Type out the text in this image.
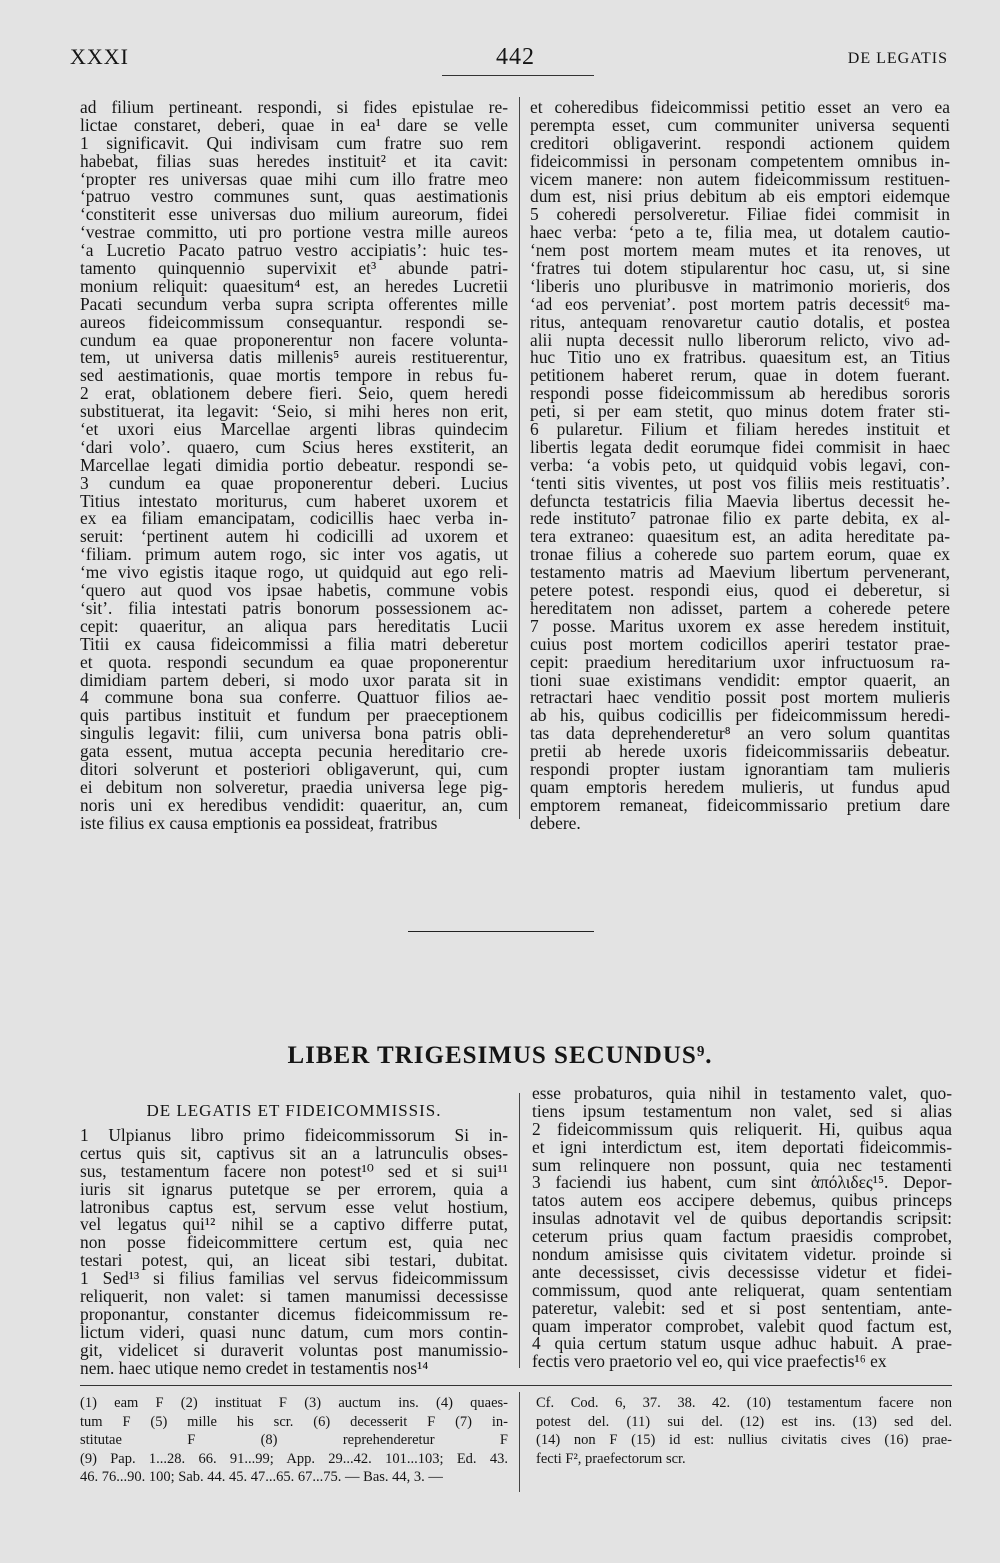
XXXI	442	DE LEGATIS
ad filium pertineant. respondi, si fides epistulae re-
lictae constaret, deberi, quae in ea¹ dare se velle
1 significavit. Qui indivisam cum fratre suo rem
habebat, filias suas heredes instituit² et ita cavit:
‘propter res universas quae mihi cum illo fratre meo
‘patruo vestro communes sunt, quas aestimationis
‘constiterit esse universas duo milium aureorum, fidei
‘vestrae committo, uti pro portione vestra mille aureos
‘a Lucretio Pacato patruo vestro accipiatis’: huic tes-
tamento quinquennio supervixit et³ abunde patri-
monium reliquit: quaesitum⁴ est, an heredes Lucretii
Pacati secundum verba supra scripta offerentes mille
aureos fideicommissum consequantur. respondi se-
cundum ea quae proponerentur non facere volunta-
tem, ut universa datis millenis⁵ aureis restituerentur,
sed aestimationis, quae mortis tempore in rebus fu-
2 erat, oblationem debere fieri. Seio, quem heredi
substituerat, ita legavit: ‘Seio, si mihi heres non erit,
‘et uxori eius Marcellae argenti libras quindecim
‘dari volo’. quaero, cum Scius heres exstiterit, an
Marcellae legati dimidia portio debeatur. respondi se-
3 cundum ea quae proponerentur deberi. Lucius
Titius intestato moriturus, cum haberet uxorem et
ex ea filiam emancipatam, codicillis haec verba in-
seruit: ‘pertinent autem hi codicilli ad uxorem et
‘filiam. primum autem rogo, sic inter vos agatis, ut
‘me vivo egistis itaque rogo, ut quidquid aut ego reli-
‘quero aut quod vos ipsae habetis, commune vobis
‘sit’. filia intestati patris bonorum possessionem ac-
cepit: quaeritur, an aliqua pars hereditatis Lucii
Titii ex causa fideicommissi a filia matri deberetur
et quota. respondi secundum ea quae proponerentur
dimidiam partem deberi, si modo uxor parata sit in
4 commune bona sua conferre. Quattuor filios ae-
quis partibus instituit et fundum per praeceptionem
singulis legavit: filii, cum universa bona patris obli-
gata essent, mutua accepta pecunia hereditario cre-
ditori solverunt et posteriori obligaverunt, qui, cum
ei debitum non solveretur, praedia universa lege pig-
noris uni ex heredibus vendidit: quaeritur, an, cum
iste filius ex causa emptionis ea possideat, fratribus
et coheredibus fideicommissi petitio esset an vero ea
perempta esset, cum communiter universa sequenti
creditori obligaverint. respondi actionem quidem
fideicommissi in personam competentem omnibus in-
vicem manere: non autem fideicommissum restituen-
dum est, nisi prius debitum ab eis emptori eidemque
5 coheredi persolveretur. Filiae fidei commisit in
haec verba: ‘peto a te, filia mea, ut dotalem cautio-
‘nem post mortem meam mutes et ita renoves, ut
‘fratres tui dotem stipularentur hoc casu, ut, si sine
‘liberis uno pluribusve in matrimonio morieris, dos
‘ad eos perveniat’. post mortem patris decessit⁶ ma-
ritus, antequam renovaretur cautio dotalis, et postea
alii nupta decessit nullo liberorum relicto, vivo ad-
huc Titio uno ex fratribus. quaesitum est, an Titius
petitionem haberet rerum, quae in dotem fuerant.
respondi posse fideicommissum ab heredibus sororis
peti, si per eam stetit, quo minus dotem frater sti-
6 pularetur. Filium et filiam heredes instituit et
libertis legata dedit eorumque fidei commisit in haec
verba: ‘a vobis peto, ut quidquid vobis legavi, con-
‘tenti sitis viventes, ut post vos filiis meis restituatis’.
defuncta testatricis filia Maevia libertus decessit he-
rede instituto⁷ patronae filio ex parte debita, ex al-
tera extraneo: quaesitum est, an adita hereditate pa-
tronae filius a coherede suo partem eorum, quae ex
testamento matris ad Maevium libertum pervenerant,
petere potest. respondi eius, quod ei deberetur, si
hereditatem non adisset, partem a coherede petere
7 posse. Maritus uxorem ex asse heredem instituit,
cuius post mortem codicillos aperiri testator prae-
cepit: praedium hereditarium uxor infructuosum ra-
tioni suae existimans vendidit: emptor quaerit, an
retractari haec venditio possit post mortem mulieris
ab his, quibus codicillis per fideicommissum heredi-
tas data deprehenderetur⁸ an vero solum quantitas
pretii ab herede uxoris fideicommissariis debeatur.
respondi propter iustam ignorantiam tam mulieris
quam emptoris heredem mulieris, ut fundus apud
emptorem remaneat, fideicommissario pretium dare
debere.
LIBER TRIGESIMUS SECUNDUS⁹.
DE LEGATIS ET FIDEICOMMISSIS.
1 Ulpianus libro primo fideicommissorum Si in-
certus quis sit, captivus sit an a latrunculis obses-
sus, testamentum facere non potest¹⁰ sed et si sui¹¹
iuris sit ignarus putetque se per errorem, quia a
latronibus captus est, servum esse velut hostium,
vel legatus qui¹² nihil se a captivo differre putat,
non posse fideicommittere certum est, quia nec
testari potest, qui, an liceat sibi testari, dubitat.
1 Sed¹³ si filius familias vel servus fideicommissum
reliquerit, non valet: si tamen manumissi decessisse
proponantur, constanter dicemus fideicommissum re-
lictum videri, quasi nunc datum, cum mors contin-
git, videlicet si duraverit voluntas post manumissio-
nem. haec utique nemo credet in testamentis nos¹⁴
esse probaturos, quia nihil in testamento valet, quo-
tiens ipsum testamentum non valet, sed si alias
2 fideicommissum quis reliquerit. Hi, quibus aqua
et igni interdictum est, item deportati fideicommis-
sum relinquere non possunt, quia nec testamenti
3 faciendi ius habent, cum sint ἀπόλιδες¹⁵. Depor-
tatos autem eos accipere debemus, quibus princeps
insulas adnotavit vel de quibus deportandis scripsit:
ceterum prius quam factum praesidis comprobet,
nondum amisisse quis civitatem videtur. proinde si
ante decessisset, civis decessisse videtur et fidei-
commissum, quod ante reliquerat, quam sententiam
pateretur, valebit: sed et si post sententiam, ante-
quam imperator comprobet, valebit quod factum est,
4 quia certum statum usque adhuc habuit. A prae-
fectis vero praetorio vel eo, qui vice praefectis¹⁶ ex
(1) eam F (2) instituat F (3) auctum ins. (4) quaes-
tum F (5) mille his scr. (6) decesserit F (7) in-
stitutae F (8) reprehenderetur F
(9) Pap. 1...28. 66. 91...99; App. 29...42. 101...103; Ed. 43.
46. 76...90. 100; Sab. 44. 45. 47...65. 67...75. — Bas. 44, 3. —
Cf. Cod. 6, 37. 38. 42. (10) testamentum facere non
potest del. (11) sui del. (12) est ins. (13) sed del.
(14) non F (15) id est: nullius civitatis cives (16) prae-
fecti F², praefectorum scr.
